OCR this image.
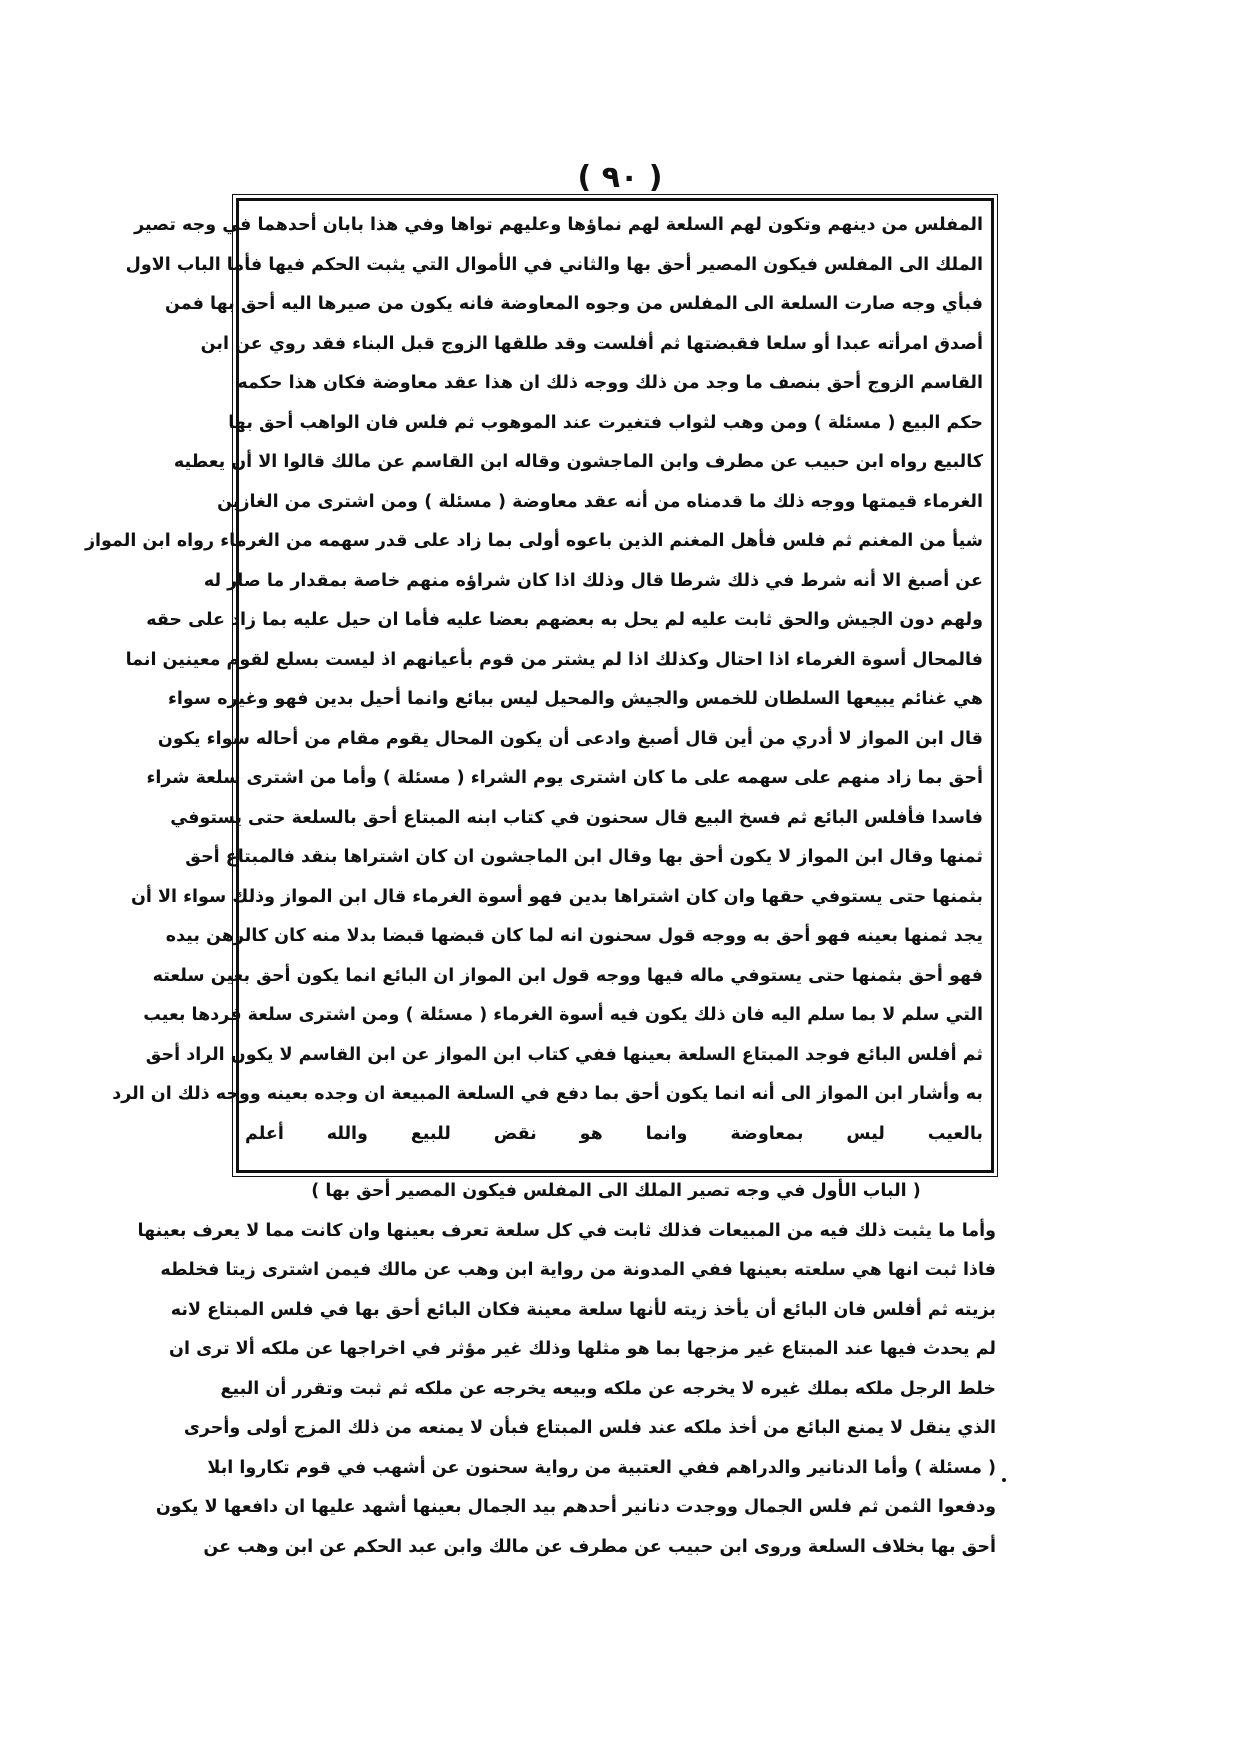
( ٩٠ )
المفلس من دينهم وتكون لهم السلعة لهم نماؤها وعليهم تواها وفي هذا بابان أحدهما في وجه تصير
الملك الى المفلس فيكون المصير أحق بها والثاني في الأموال التي يثبت الحكم فيها فأما الباب الاول
فبأي وجه صارت السلعة الى المفلس من وجوه المعاوضة فانه يكون من صيرها اليه أحق بها فمن
أصدق امرأته عبدا أو سلعا فقبضتها ثم أفلست وقد طلقها الزوج قبل البناء فقد روي عن ابن
القاسم الزوج أحق بنصف ما وجد من ذلك ووجه ذلك ان هذا عقد معاوضة فكان هذا حكمه
حكم البيع ( مسئلة ) ومن وهب لثواب فتغيرت عند الموهوب ثم فلس فان الواهب أحق بها
كالبيع رواه ابن حبيب عن مطرف وابن الماجشون وقاله ابن القاسم عن مالك قالوا الا أن يعطيه
الغرماء قيمتها ووجه ذلك ما قدمناه من أنه عقد معاوضة ( مسئلة ) ومن اشترى من الغازين
شيأ من المغنم ثم فلس فأهل المغنم الذين باعوه أولى بما زاد على قدر سهمه من الغرماء رواه ابن المواز
عن أصبغ الا أنه شرط في ذلك شرطا قال وذلك اذا كان شراؤه منهم خاصة بمقدار ما صار له
ولهم دون الجيش والحق ثابت عليه لم يحل به بعضهم بعضا عليه فأما ان حيل عليه بما زاد على حقه
فالمحال أسوة الغرماء اذا احتال وكذلك اذا لم يشتر من قوم بأعيانهم اذ ليست بسلع لقوم معينين انما
هي غنائم يبيعها السلطان للخمس والجيش والمحيل ليس ببائع وانما أحيل بدين فهو وغيره سواء
قال ابن المواز لا أدري من أين قال أصبغ وادعى أن يكون المحال يقوم مقام من أحاله سواء يكون
أحق بما زاد منهم على سهمه على ما كان اشترى يوم الشراء ( مسئلة ) وأما من اشترى سلعة شراء
فاسدا فأفلس البائع ثم فسخ البيع قال سحنون في كتاب ابنه المبتاع أحق بالسلعة حتى يستوفي
ثمنها وقال ابن المواز لا يكون أحق بها وقال ابن الماجشون ان كان اشتراها بنقد فالمبتاع أحق
بثمنها حتى يستوفي حقها وان كان اشتراها بدين فهو أسوة الغرماء قال ابن المواز وذلك سواء الا أن
يجد ثمنها بعينه فهو أحق به ووجه قول سحنون انه لما كان قبضها قبضا بدلا منه كان كالرهن بيده
فهو أحق بثمنها حتى يستوفي ماله فيها ووجه قول ابن المواز ان البائع انما يكون أحق بعين سلعته
التي سلم لا بما سلم اليه فان ذلك يكون فيه أسوة الغرماء ( مسئلة ) ومن اشترى سلعة فردها بعيب
ثم أفلس البائع فوجد المبتاع السلعة بعينها ففي كتاب ابن المواز عن ابن القاسم لا يكون الراد أحق
به وأشار ابن المواز الى أنه انما يكون أحق بما دفع في السلعة المبيعة ان وجده بعينه ووجه ذلك ان الرد
بالعيب ليس بمعاوضة وانما هو نقض للبيع والله أعلم
( الباب الأول في وجه تصير الملك الى المفلس فيكون المصير أحق بها )
وأما ما يثبت ذلك فيه من المبيعات فذلك ثابت في كل سلعة تعرف بعينها وان كانت مما لا يعرف بعينها
فاذا ثبت انها هي سلعته بعينها ففي المدونة من رواية ابن وهب عن مالك فيمن اشترى زيتا فخلطه
بزيته ثم أفلس فان البائع أن يأخذ زيته لأنها سلعة معينة فكان البائع أحق بها في فلس المبتاع لانه
لم يحدث فيها عند المبتاع غير مزجها بما هو مثلها وذلك غير مؤثر في اخراجها عن ملكه ألا ترى ان
خلط الرجل ملكه بملك غيره لا يخرجه عن ملكه وبيعه يخرجه عن ملكه ثم ثبت وتقرر أن البيع
الذي ينقل لا يمنع البائع من أخذ ملكه عند فلس المبتاع فبأن لا يمنعه من ذلك المزج أولى وأحرى
( مسئلة ) وأما الدنانير والدراهم ففي العتبية من رواية سحنون عن أشهب في قوم تكاروا ابلا
ودفعوا الثمن ثم فلس الجمال ووجدت دنانير أحدهم بيد الجمال بعينها أشهد عليها ان دافعها لا يكون
أحق بها بخلاف السلعة وروى ابن حبيب عن مطرف عن مالك وابن عبد الحكم عن ابن وهب عن
